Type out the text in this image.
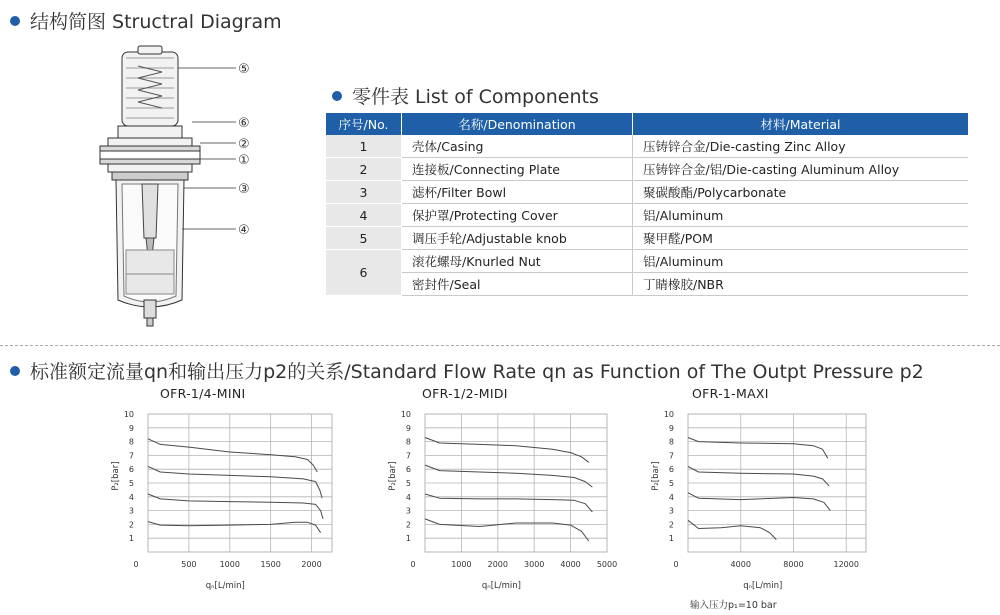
结构简图 Structral Diagram
⑤
⑥
②
①
③
④
零件表 List of Components
序号/No.	名称/Denomination	材料/Material
1	壳体/Casing	压铸锌合金/Die-casting Zinc Alloy
2	连接板/Connecting Plate	压铸锌合金/铝/Die-casting Aluminum Alloy
3	滤杯/Filter Bowl	聚碳酸酯/Polycarbonate
4	保护罩/Protecting Cover	铝/Aluminum
5	调压手轮/Adjustable knob	聚甲醛/POM
6	滚花螺母/Knurled Nut	铝/Aluminum
	密封件/Seal	丁睛橡胶/NBR
标准额定流量qn和输出压力p2的关系/Standard Flow Rate qn as Function of The Outpt Pressure p2
OFR-1/4-MINI
1
2
3
4
5
6
7
8
9
10
0	500	1000	1500	2000
qₙ[L/min]
P₂[bar]
OFR-1/2-MIDI
1
2
3
4
5
6
7
8
9
10
0	1000 2000 3000 4000 5000
qₙ[L/min]
P₂[bar]
OFR-1-MAXI
1
2
3
4
5
6
7
8
9
10
0	4000	8000	12000
qₙ[L/min]
P₂[bar]
输入压力p₁=10 bar
